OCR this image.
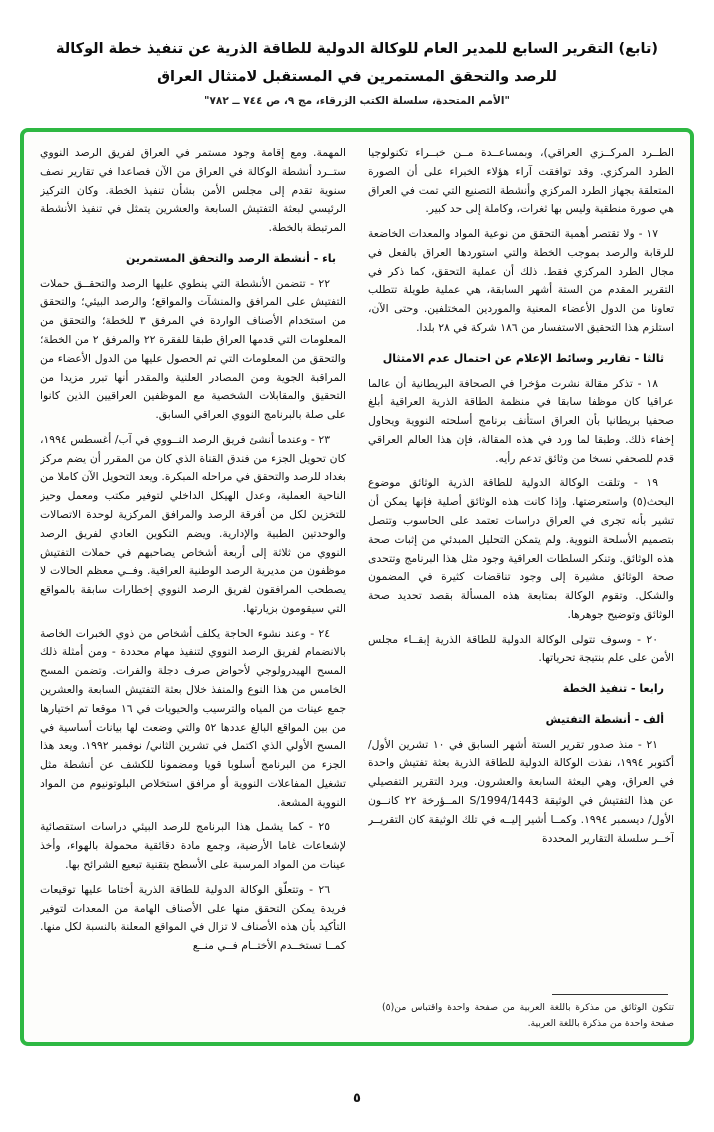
(تابع) التقرير السابع للمدير العام للوكالة الدولية للطاقة الذرية عن تنفيذ خطة الوكالة
للرصد والتحقق المستمرين في المستقبل لامتثال العراق
"الأمم المتحدة، سلسلة الكتب الزرقاء، مج ٩، ص ٧٤٤ ــ ٧٨٢"

الطــرد المركــزي العراقي)، وبمساعــدة مــن خبــراء تكنولوجيا الطرد المركزي. وقد توافقت آراء هؤلاء الخبراء على أن الصورة المتعلقة بجهاز الطرد المركزي وأنشطة التصنيع التي تمت في العراق هي صورة منطقية وليس بها ثغرات، وكاملة إلى حد كبير.

١٧ - ولا تقتصر أهمية التحقق من نوعية المواد والمعدات الخاضعة للرقابة والرصد بموجب الخطة والتي استوردها العراق بالفعل في مجال الطرد المركزي فقط. ذلك أن عملية التحقق، كما ذكر في التقرير المقدم من الستة أشهر السابقة، هي عملية طويلة تتطلب تعاونا من الدول الأعضاء المعنية والموردين المختلفين. وحتى الآن، استلزم هذا التحقيق الاستفسار من ١٨٦ شركة في ٢٨ بلدا.

ثالثا - تقارير وسائط الإعلام عن احتمال عدم الامتثال

١٨ - تذكر مقالة نشرت مؤخرا في الصحافة البريطانية أن عالما عراقيا كان موظفا سابقا في منظمة الطاقة الذرية العراقية أبلغ صحفيا بريطانيا بأن العراق استأنف برنامج أسلحته النووية ويحاول إخفاء ذلك. وطبقا لما ورد في هذه المقالة، فإن هذا العالم العراقي قدم للصحفي نسخا من وثائق تدعم رأيه.

١٩ - وتلقت الوكالة الدولية للطاقة الذرية الوثائق موضوع البحث(٥) واستعرضتها. وإذا كانت هذه الوثائق أصلية فإنها يمكن أن تشير بأنه تجرى في العراق دراسات تعتمد على الحاسوب وتتصل بتصميم الأسلحة النووية. ولم يتمكن التحليل المبدئي من إثبات صحة هذه الوثائق. وتنكر السلطات العراقية وجود مثل هذا البرنامج وتتحدى صحة الوثائق مشيرة إلى وجود تناقضات كثيرة في المضمون والشكل. وتقوم الوكالة بمتابعة هذه المسألة بقصد تحديد صحة الوثائق وتوضيح جوهرها.

٢٠ - وسوف تتولى الوكالة الدولية للطاقة الذرية إبقــاء مجلس الأمن على علم بنتيجة تحرياتها.

رابعا - تنفيذ الخطة

ألف - أنشطة التفتيش

٢١ - منذ صدور تقرير الستة أشهر السابق في ١٠ تشرين الأول/ أكتوبر ١٩٩٤، نفذت الوكالة الدولية للطاقة الذرية بعثة تفتيش واحدة في العراق، وهي البعثة السابعة والعشرون. ويرد التقرير التفصيلي عن هذا التفتيش في الوثيقة S/1994/1443 المــؤرخة ٢٢ كانــون الأول/ ديسمبر ١٩٩٤. وكمــا أشير إليــه في تلك الوثيقة كان التقريــر آخــر سلسلة التقارير المحددة

(٥) تتكون الوثائق من مذكرة باللغة العربية من صفحة واحدة واقتباس من صفحة واحدة من مذكرة باللغة العربية.

المهمة. ومع إقامة وجود مستمر في العراق لفريق الرصد النووي ستــرد أنشطة الوكالة في العراق من الآن فصاعدا في تقارير نصف سنوية تقدم إلى مجلس الأمن بشأن تنفيذ الخطة. وكان التركيز الرئيسي لبعثة التفتيش السابعة والعشرين يتمثل في تنفيذ الأنشطة المرتبطة بالخطة.

باء - أنشطة الرصد والتحقق المستمرين

٢٢ - تتضمن الأنشطة التي ينطوي عليها الرصد والتحقــق حملات التفتيش على المرافق والمنشآت والمواقع؛ والرصد البيئي؛ والتحقق من استخدام الأصناف الواردة في المرفق ٣ للخطة؛ والتحقق من المعلومات التي قدمها العراق طبقا للفقرة ٢٢ والمرفق ٢ من الخطة؛ والتحقق من المعلومات التي تم الحصول عليها من الدول الأعضاء من المراقبة الجوية ومن المصادر العلنية والمقدر أنها تبرر مزيدا من التحقيق والمقابلات الشخصية مع الموظفين العراقيين الذين كانوا على صلة بالبرنامج النووي العراقي السابق.

٢٣ - وعندما أنشئ فريق الرصد النــووي في آب/ أغسطس ١٩٩٤، كان تحويل الجزء من فندق القناة الذي كان من المقرر أن يضم مركز بغداد للرصد والتحقق في مراحله المبكرة. ويعد التحويل الآن كاملا من الناحية العملية، وعدل الهيكل الداخلي لتوفير مكتب ومعمل وحيز للتخزين لكل من أفرقة الرصد والمرافق المركزية لوحدة الاتصالات والوحدتين الطبية والإدارية. ويضم التكوين العادي لفريق الرصد النووي من ثلاثة إلى أربعة أشخاص يصاحبهم في حملات التفتيش موظفون من مديرية الرصد الوطنية العراقية. وفــي معظم الحالات لا يصطحب المرافقون لفريق الرصد النووي إخطارات سابقة بالمواقع التي سيقومون بزيارتها.

٢٤ - وعند نشوء الحاجة يكلف أشخاص من ذوي الخبرات الخاصة بالانضمام لفريق الرصد النووي لتنفيذ مهام محددة - ومن أمثلة ذلك المسح الهيدرولوجي لأحواض صرف دجلة والفرات. وتضمن المسح الخامس من هذا النوع والمنفذ خلال بعثة التفتيش السابعة والعشرين جمع عينات من المياه والترسيب والحيويات في ١٦ موقعا تم اختيارها من بين المواقع البالغ عددها ٥٢ والتي وضعت لها بيانات أساسية في المسح الأولي الذي اكتمل في تشرين الثاني/ نوفمبر ١٩٩٢. ويعد هذا الجزء من البرنامج أسلوبا قويا ومضمونا للكشف عن أنشطة مثل تشغيل المفاعلات النووية أو مرافق استخلاص البلوتونيوم من المواد النووية المشعة.

٢٥ - كما يشمل هذا البرنامج للرصد البيئي دراسات استقصائية لإشعاعات غاما الأرضية، وجمع مادة دقائقية محمولة بالهواء، وأخذ عينات من المواد المرسبة على الأسطح بتقنية تبعيع الشرائح بها.

٢٦ - وتتعلّق الوكالة الدولية للطاقة الذرية أختاما عليها توقيعات فريدة يمكن التحقق منها على الأصناف الهامة من المعدات لتوفير التأكيد بأن هذه الأصناف لا تزال في المواقع المعلنة بالنسبة لكل منها. كمــا تستخــدم الأختــام فــي منــع

٥
